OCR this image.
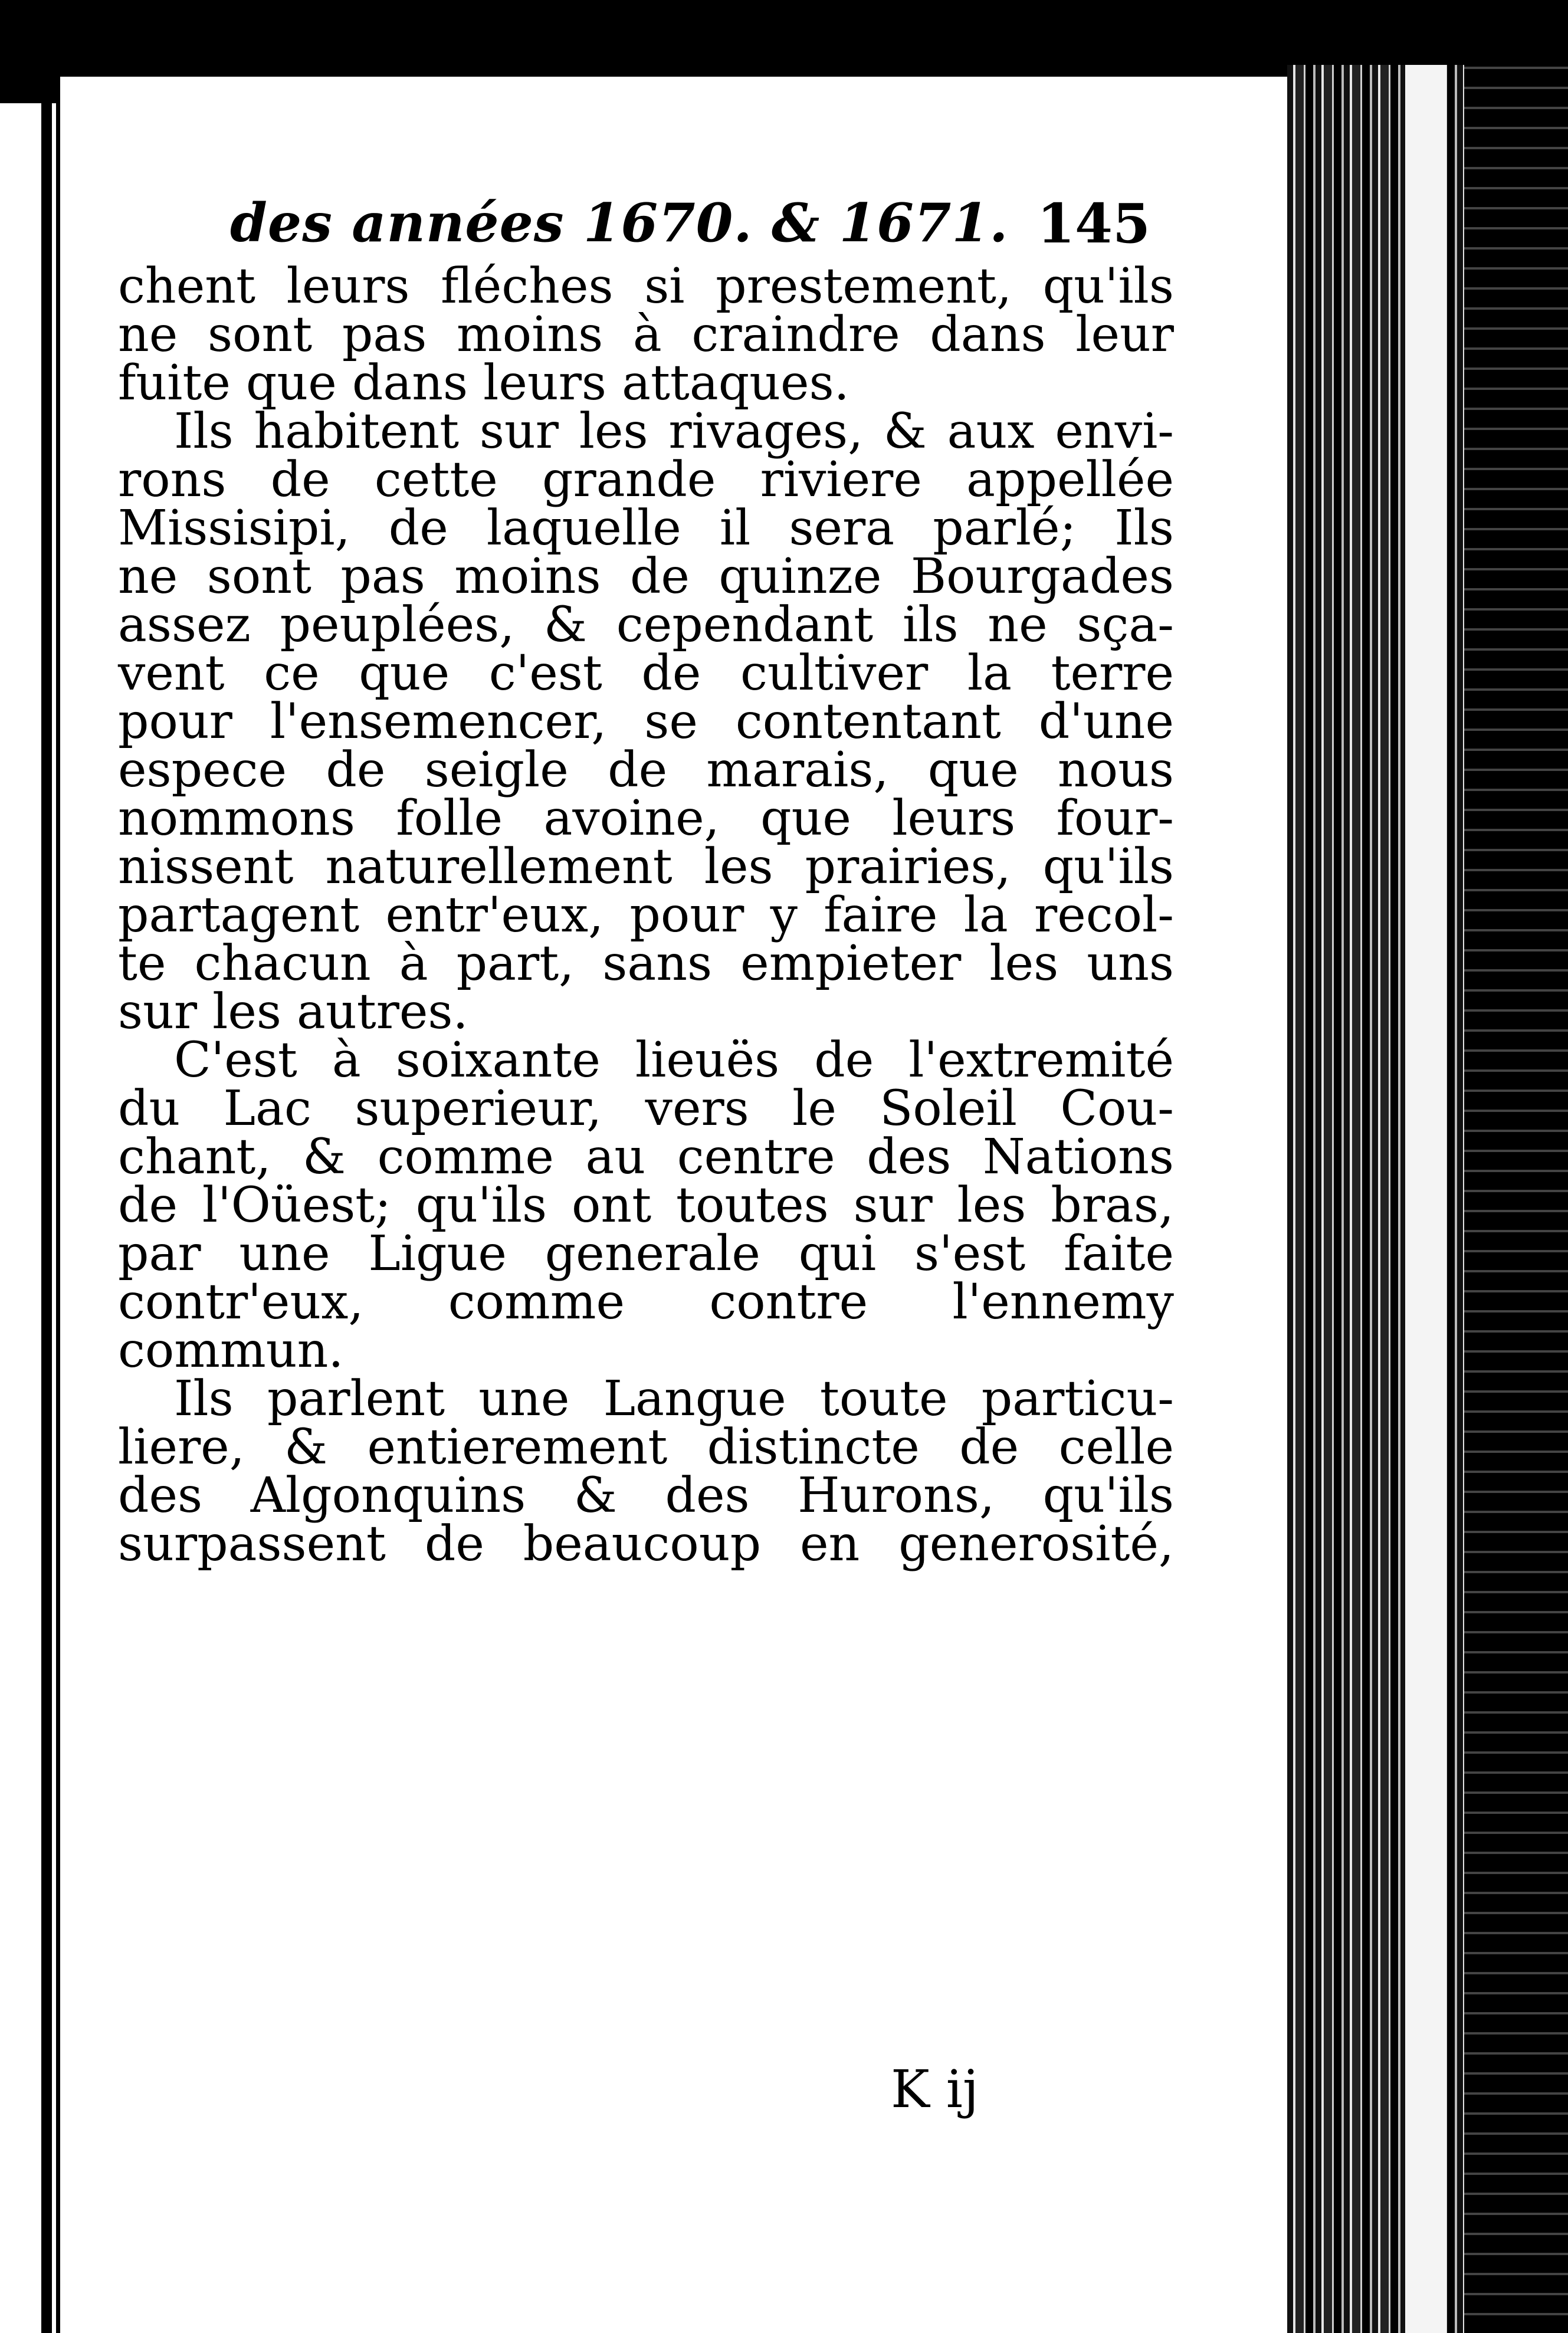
des années 1670. & 1671. 145
chent leurs fléches si prestement, qu'ils
ne sont pas moins à craindre dans leur
fuite que dans leurs attaques.
Ils habitent sur les rivages, & aux envi-
rons de cette grande riviere appellée
Missisipi, de laquelle il sera parlé; Ils
ne sont pas moins de quinze Bourgades
assez peuplées, & cependant ils ne sça-
vent ce que c'est de cultiver la terre
pour l'ensemencer, se contentant d'une
espece de seigle de marais, que nous
nommons folle avoine, que leurs four-
nissent naturellement les prairies, qu'ils
partagent entr'eux, pour y faire la recol-
te chacun à part, sans empieter les uns
sur les autres.
C'est à soixante lieuës de l'extremité
du Lac superieur, vers le Soleil Cou-
chant, & comme au centre des Nations
de l'Oüest; qu'ils ont toutes sur les bras,
par une Ligue generale qui s'est faite
contr'eux, comme contre l'ennemy
commun.
Ils parlent une Langue toute particu-
liere, & entierement distincte de celle
des Algonquins & des Hurons, qu'ils
surpassent de beaucoup en generosité,
K ij
